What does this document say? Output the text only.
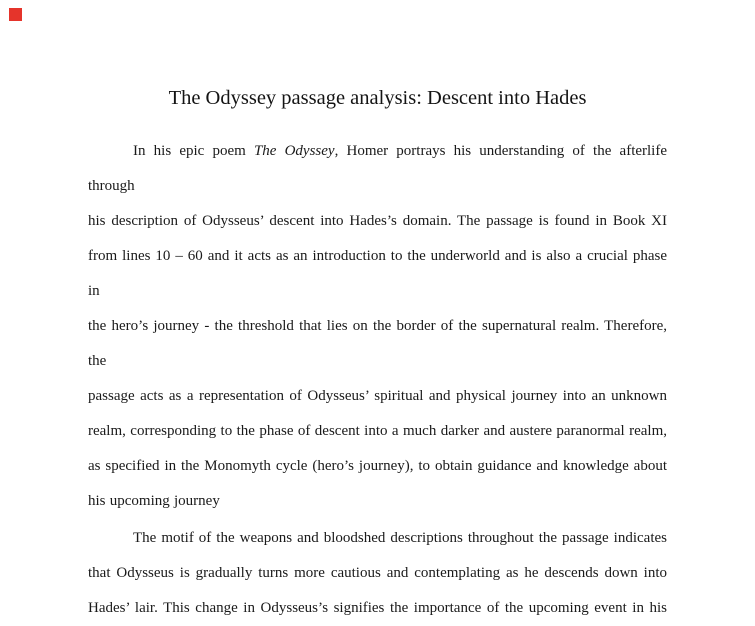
The Odyssey passage analysis: Descent into Hades
In his epic poem The Odyssey, Homer portrays his understanding of the afterlife through
his description of Odysseus’ descent into Hades’s domain. The passage is found in Book XI
from lines 10 – 60 and it acts as an introduction to the underworld and is also a crucial phase in
the hero’s journey - the threshold that lies on the border of the supernatural realm. Therefore, the
passage acts as a representation of Odysseus’ spiritual and physical journey into an unknown
realm, corresponding to the phase of descent into a much darker and austere paranormal realm,
as specified in the Monomyth cycle (hero’s journey), to obtain guidance and knowledge about
his upcoming journey
The motif of the weapons and bloodshed descriptions throughout the passage indicates
that Odysseus is gradually turns more cautious and contemplating as he descends down into
Hades’ lair. This change in Odysseus’s signifies the importance of the upcoming event in his
